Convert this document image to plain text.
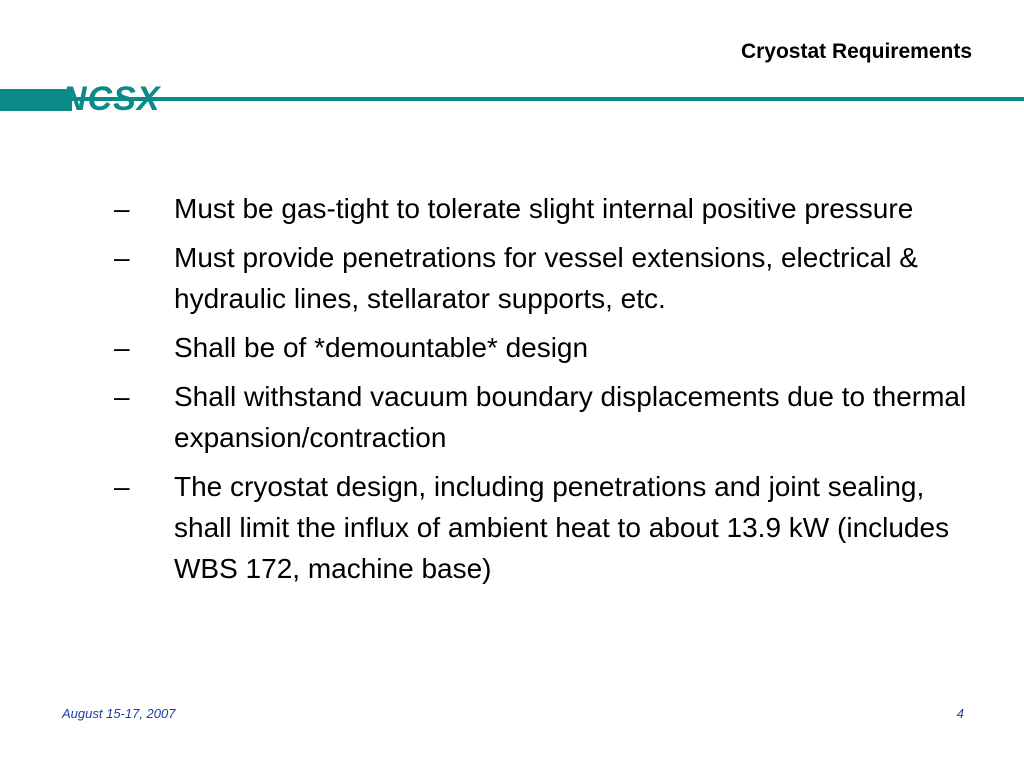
Cryostat Requirements
NCSX
– Must be gas-tight to tolerate slight internal positive pressure
– Must provide penetrations for vessel extensions, electrical & hydraulic lines, stellarator supports, etc.
– Shall be of *demountable* design
– Shall withstand vacuum boundary displacements due to thermal expansion/contraction
– The cryostat design, including penetrations and joint sealing, shall limit the influx of ambient heat to about 13.9 kW (includes WBS 172, machine base)
August 15-17, 2007	4
